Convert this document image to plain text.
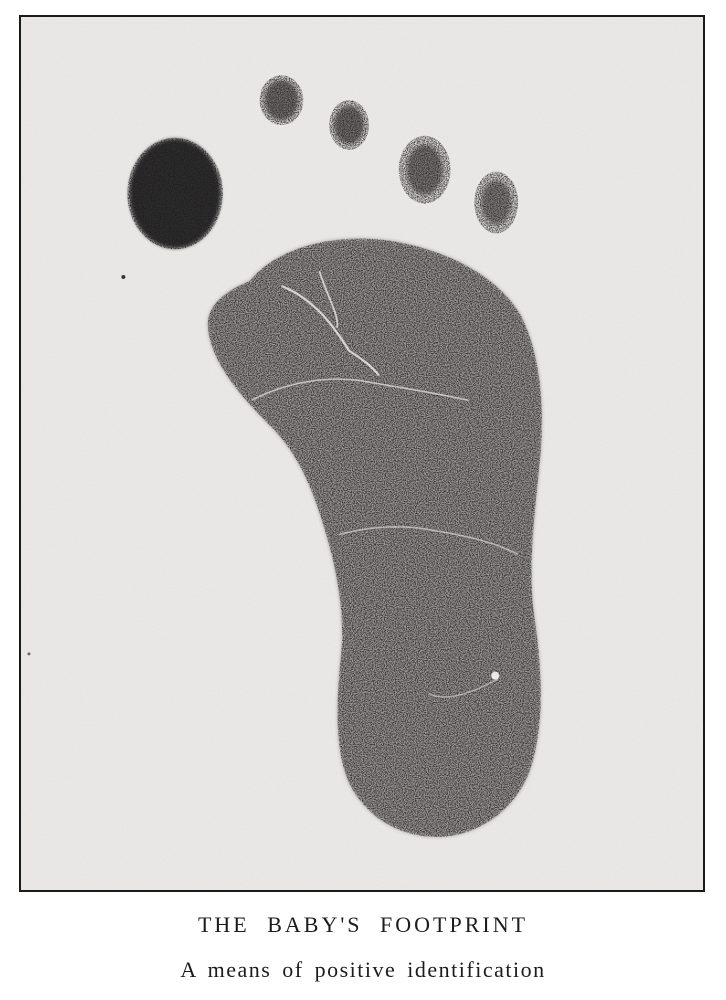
THE BABY'S FOOTPRINT
A means of positive identification
